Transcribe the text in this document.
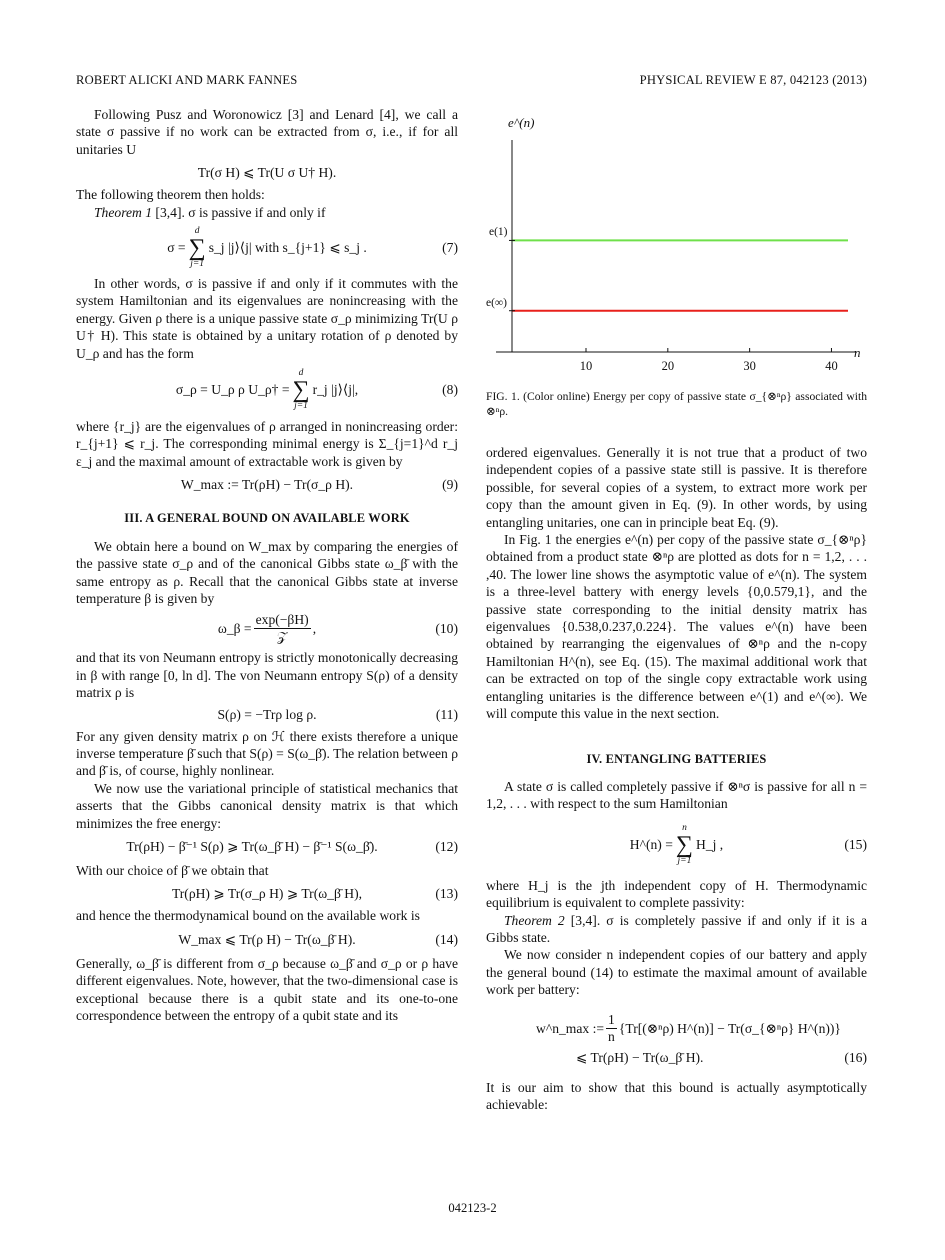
ROBERT ALICKI AND MARK FANNES	PHYSICAL REVIEW E 87, 042123 (2013)

Following Pusz and Woronowicz [3] and Lenard [4], we call a state σ passive if no work can be extracted from σ, i.e., if for all unitaries U

Tr(σ H) ⩽ Tr(U σ U† H).

The following theorem then holds:

Theorem 1 [3,4]. σ is passive if and only if

σ =
d
∑
j=1
s_j |j⟩⟨j| with s_{j+1} ⩽ s_j .	(7)

In other words, σ is passive if and only if it commutes with the system Hamiltonian and its eigenvalues are nonincreasing with the energy. Given ρ there is a unique passive state σ_ρ minimizing Tr(U ρ U† H). This state is obtained by a unitary rotation of ρ denoted by U_ρ and has the form

σ_ρ = U_ρ ρ U_ρ† =
d
∑
j=1
r_j |j⟩⟨j|,	(8)

where {r_j} are the eigenvalues of ρ arranged in nonincreasing order: r_{j+1} ⩽ r_j. The corresponding minimal energy is Σ_{j=1}^d r_j ε_j and the maximal amount of extractable work is given by

W_max := Tr(ρH) − Tr(σ_ρ H).	(9)
III. A GENERAL BOUND ON AVAILABLE WORK

We obtain here a bound on W_max by comparing the energies of the passive state σ_ρ and of the canonical Gibbs state ω_β̄ with the same entropy as ρ. Recall that the canonical Gibbs state at inverse temperature β is given by

ω_β = $\frac{\exp(-\beta H)}{\text{𝒵}}$ ,	(10)

and that its von Neumann entropy is strictly monotonically decreasing in β with range [0, ln d]. The von Neumann entropy S(ρ) of a density matrix ρ is

S(ρ) = −Trρ log ρ.	(11)

For any given density matrix ρ on ℋ there exists therefore a unique inverse temperature β̄ such that S(ρ) = S(ω_β̄). The relation between ρ and β̄ is, of course, highly nonlinear.

We now use the variational principle of statistical mechanics that asserts that the Gibbs canonical density matrix is that which minimizes the free energy:

Tr(ρH) − β̄⁻¹ S(ρ) ⩾ Tr(ω_β̄ H) − β̄⁻¹ S(ω_β̄).	(12)

With our choice of β̄ we obtain that

Tr(ρH) ⩾ Tr(σ_ρ H) ⩾ Tr(ω_β̄ H),	(13)

and hence the thermodynamical bound on the available work is

W_max ⩽ Tr(ρ H) − Tr(ω_β̄ H).	(14)

Generally, ω_β̄ is different from σ_ρ because ω_β̄ and σ_ρ or ρ have different eigenvalues. Note, however, that the two-dimensional case is exceptional because there is a qubit state and its one-to-one correspondence between the entropy of a qubit state and its

e^(n)
n
e(1)
e(∞)
10	20	30	40
FIG. 1. (Color online) Energy per copy of passive state σ_{⊗ⁿρ} associated with ⊗ⁿρ.

ordered eigenvalues. Generally it is not true that a product of two independent copies of a passive state still is passive. It is therefore possible, for several copies of a system, to extract more work per copy than the amount given in Eq. (9). In other words, by using entangling unitaries, one can in principle beat Eq. (9).

In Fig. 1 the energies e^(n) per copy of the passive state σ_{⊗ⁿρ} obtained from a product state ⊗ⁿρ are plotted as dots for n = 1,2, . . . ,40. The lower line shows the asymptotic value of e^(n). The system is a three-level battery with energy levels {0,0.579,1}, and the passive state corresponding to the initial density matrix has eigenvalues {0.538,0.237,0.224}. The values e^(n) have been obtained by rearranging the eigenvalues of ⊗ⁿρ and the n-copy Hamiltonian H^(n), see Eq. (15). The maximal additional work that can be extracted on top of the single copy extractable work using entangling unitaries is the difference between e^(1) and e^(∞). We will compute this value in the next section.

IV. ENTANGLING BATTERIES

A state σ is called completely passive if ⊗ⁿσ is passive for all n = 1,2, . . . with respect to the sum Hamiltonian

H^(n) =
n
∑
j=1
H_j ,	(15)

where H_j is the jth independent copy of H. Thermodynamic equilibrium is equivalent to complete passivity:

Theorem 2 [3,4]. σ is completely passive if and only if it is a Gibbs state.

We now consider n independent copies of our battery and apply the general bound (14) to estimate the maximal amount of available work per battery:

w^n_max := $\frac{1}{n}$ {Tr[(⊗ⁿρ) H^(n)] − Tr(σ_{⊗ⁿρ} H^(n))}
⩽ Tr(ρH) − Tr(ω_β̄ H).	(16)

It is our aim to show that this bound is actually asymptotically achievable:

042123-2
